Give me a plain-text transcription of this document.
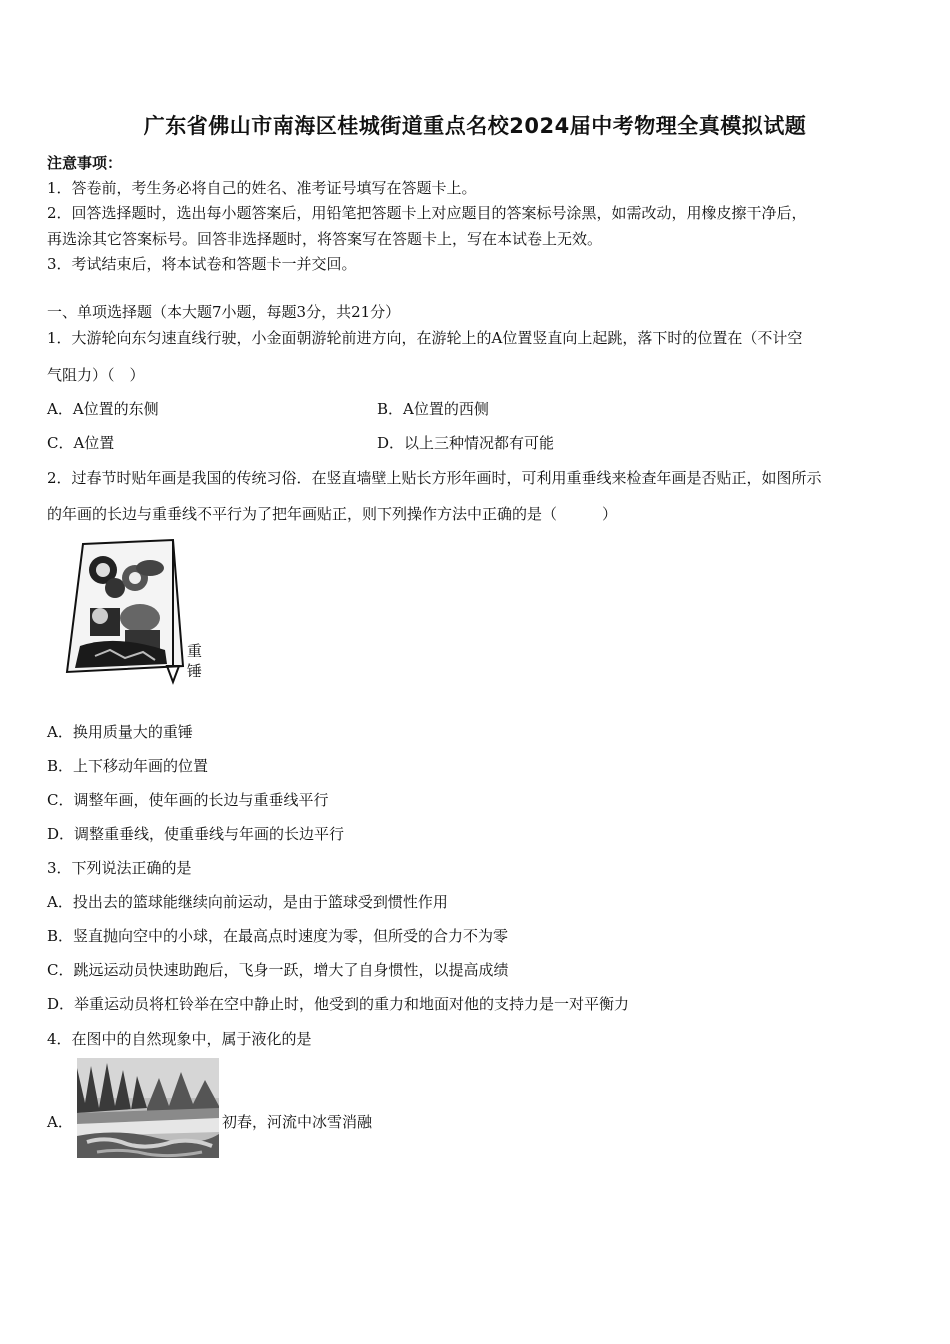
广东省佛山市南海区桂城街道重点名校2024届中考物理全真模拟试题
注意事项：
1．答卷前，考生务必将自己的姓名、准考证号填写在答题卡上。
2．回答选择题时，选出每小题答案后，用铅笔把答题卡上对应题目的答案标号涂黑，如需改动，用橡皮擦干净后，
再选涂其它答案标号。回答非选择题时，将答案写在答题卡上，写在本试卷上无效。
3．考试结束后，将本试卷和答题卡一并交回。
一、单项选择题（本大题7小题，每题3分，共21分）
1．大游轮向东匀速直线行驶，小金面朝游轮前进方向，在游轮上的A位置竖直向上起跳，落下时的位置在（不计空
气阻力）（　）
A．A位置的东侧	B．A位置的西侧
C．A位置	D．以上三种情况都有可能
2．过春节时贴年画是我国的传统习俗．在竖直墙壁上贴长方形年画时，可利用重垂线来检查年画是否贴正，如图所示
的年画的长边与重垂线不平行为了把年画贴正，则下列操作方法中正确的是（　　　）
重
锤
A．换用质量大的重锤
B．上下移动年画的位置
C．调整年画，使年画的长边与重垂线平行
D．调整重垂线，使重垂线与年画的长边平行
3．下列说法正确的是
A．投出去的篮球能继续向前运动，是由于篮球受到惯性作用
B．竖直抛向空中的小球，在最高点时速度为零，但所受的合力不为零
C．跳远运动员快速助跑后，飞身一跃，增大了自身惯性，以提高成绩
D．举重运动员将杠铃举在空中静止时，他受到的重力和地面对他的支持力是一对平衡力
4．在图中的自然现象中，属于液化的是
A．	初春，河流中冰雪消融
